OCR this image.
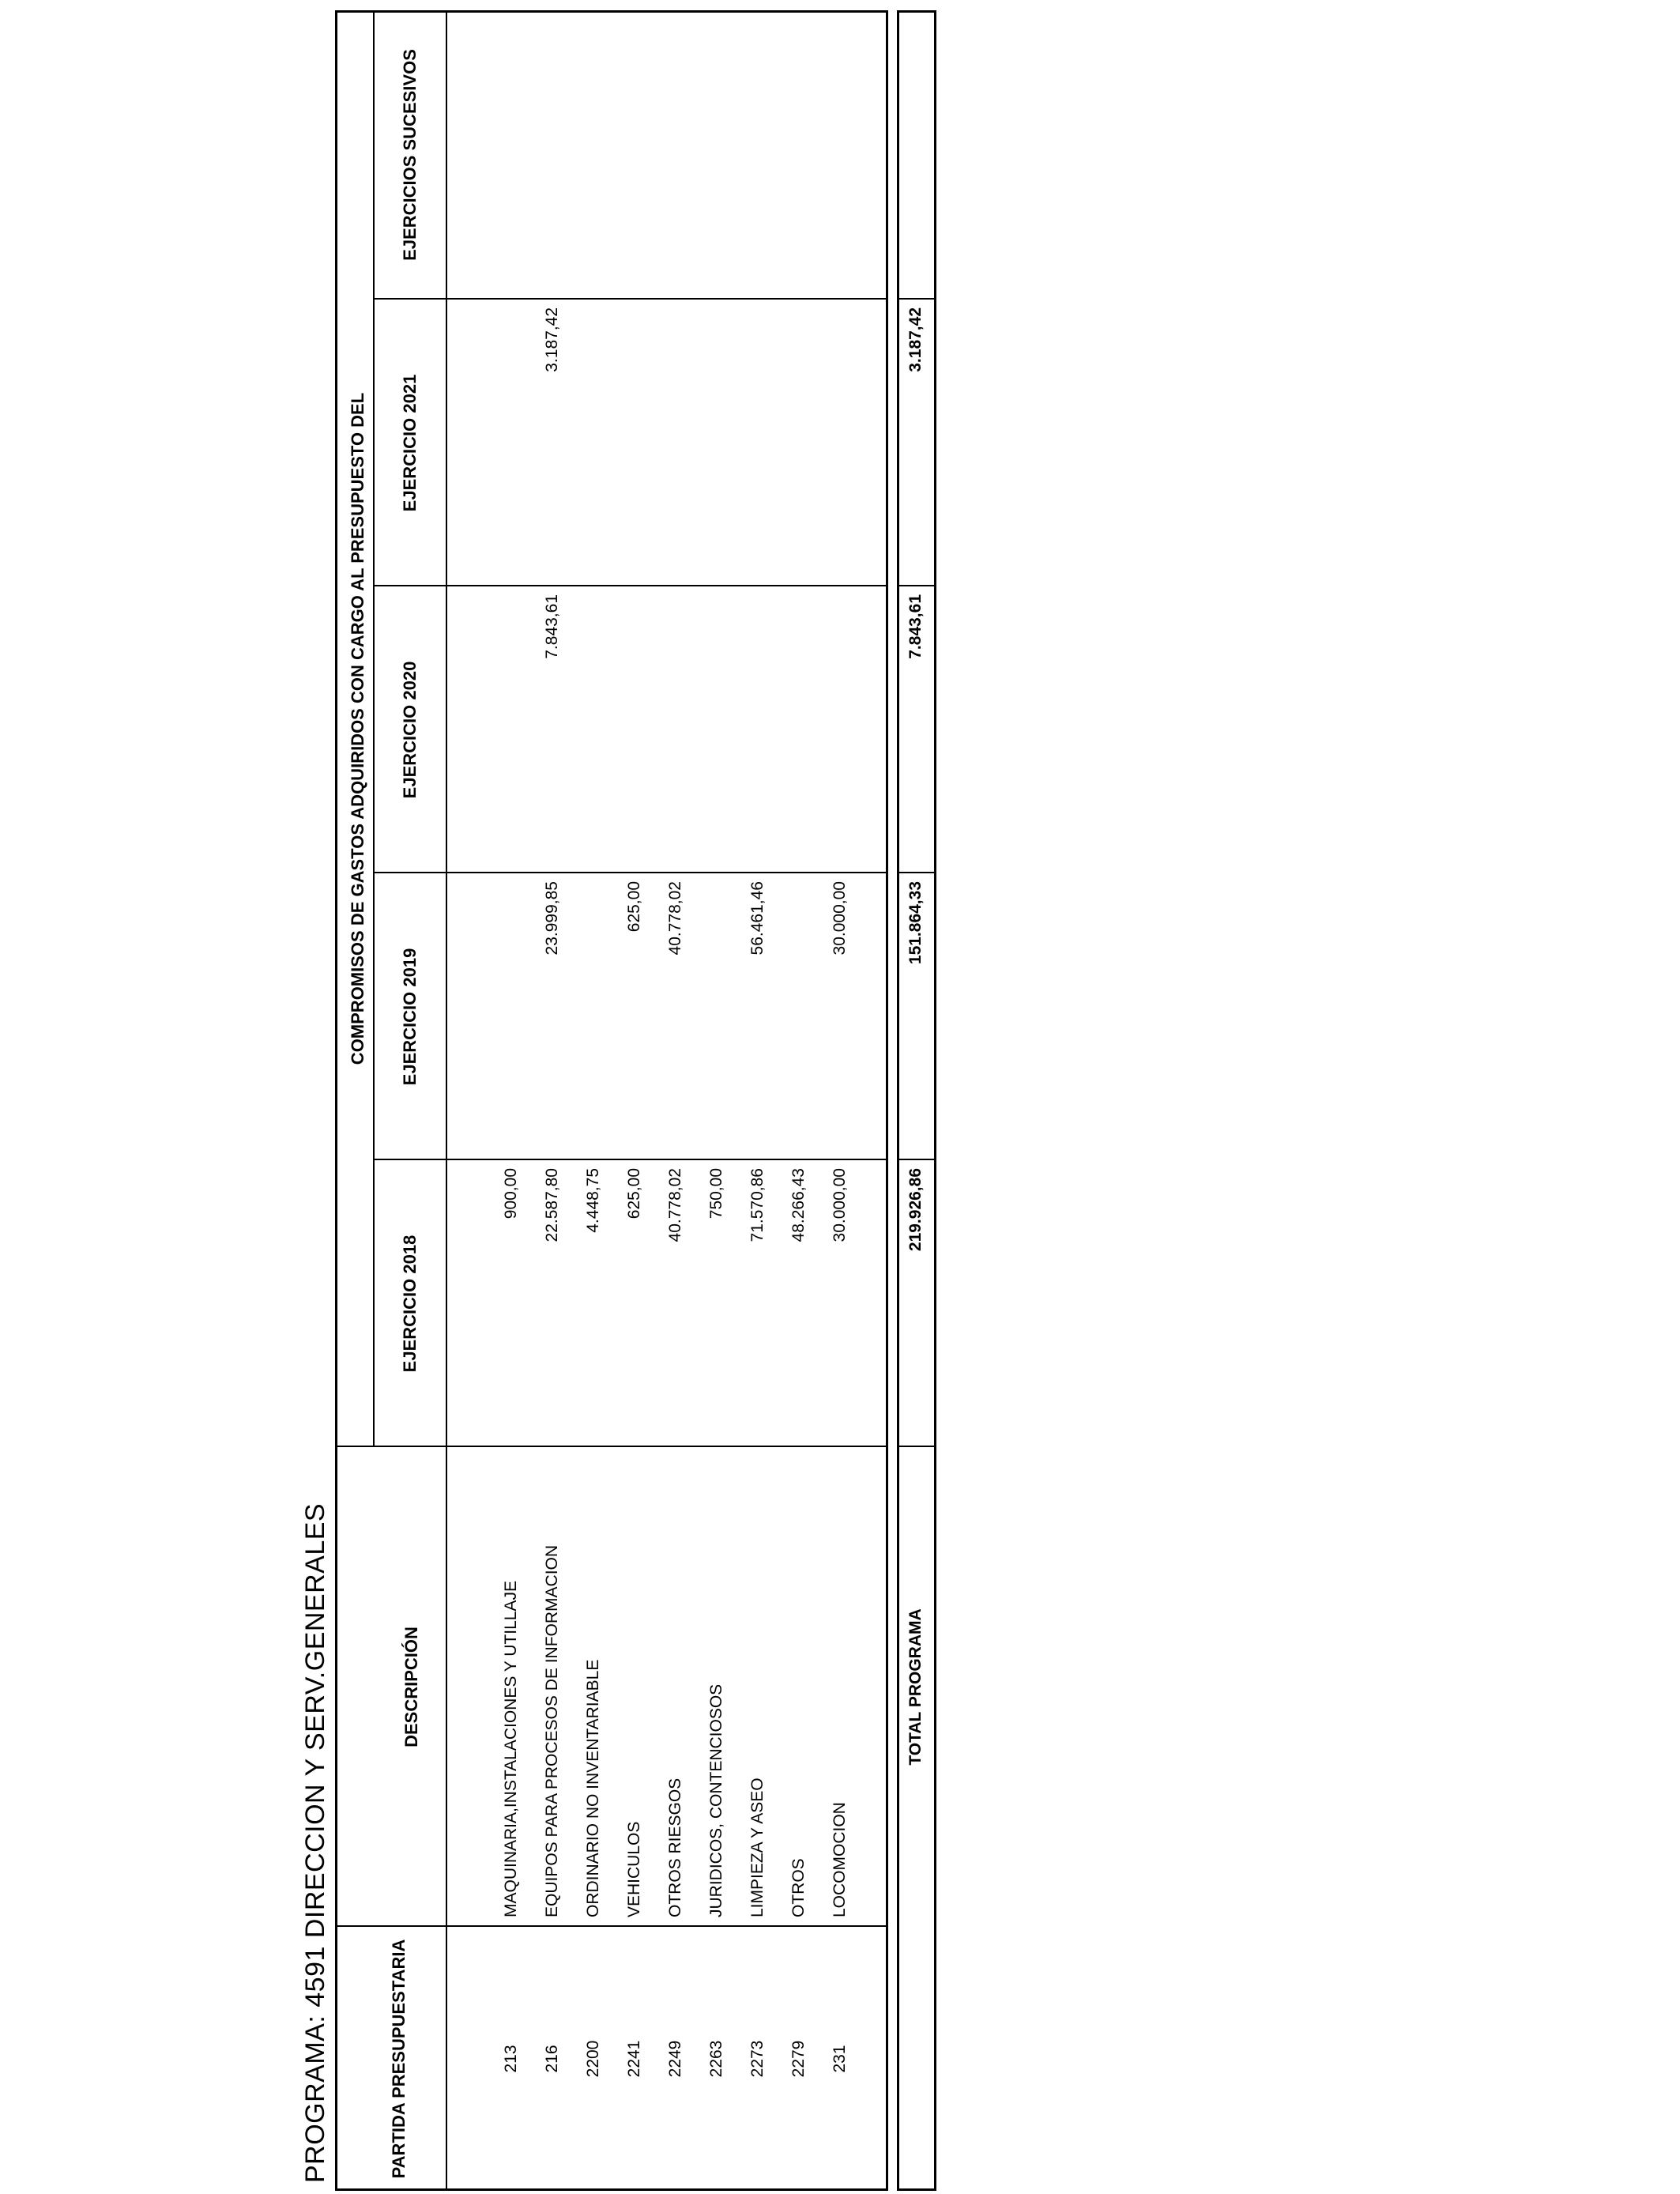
PROGRAMA: 4591 DIRECCION Y SERV.GENERALES	PARTIDA PRESUPUESTARIA
DESCRIPCIÓN
COMPROMISOS DE GASTOS ADQUIRIDOS CON CARGO AL PRESUPUESTO DEL
EJERCICIO 2018
EJERCICIO 2019
EJERCICIO 2020
EJERCICIO 2021
EJERCICIOS SUCESIVOS
213
MAQUINARIA,INSTALACIONES Y UTILLAJE
900,00
216
EQUIPOS PARA PROCESOS DE INFORMACION
22.587,80
23.999,85
7.843,61
3.187,42
2200
ORDINARIO NO INVENTARIABLE
4.448,75
2241
VEHICULOS
625,00
625,00
2249
OTROS RIESGOS
40.778,02
40.778,02
2263
JURIDICOS, CONTENCIOSOS
750,00
2273
LIMPIEZA Y ASEO
71.570,86
56.461,46
2279
OTROS
48.266,43
231
LOCOMOCION
30.000,00
30.000,00
TOTAL PROGRAMA
219.926,86
151.864,33
7.843,61
3.187,42
